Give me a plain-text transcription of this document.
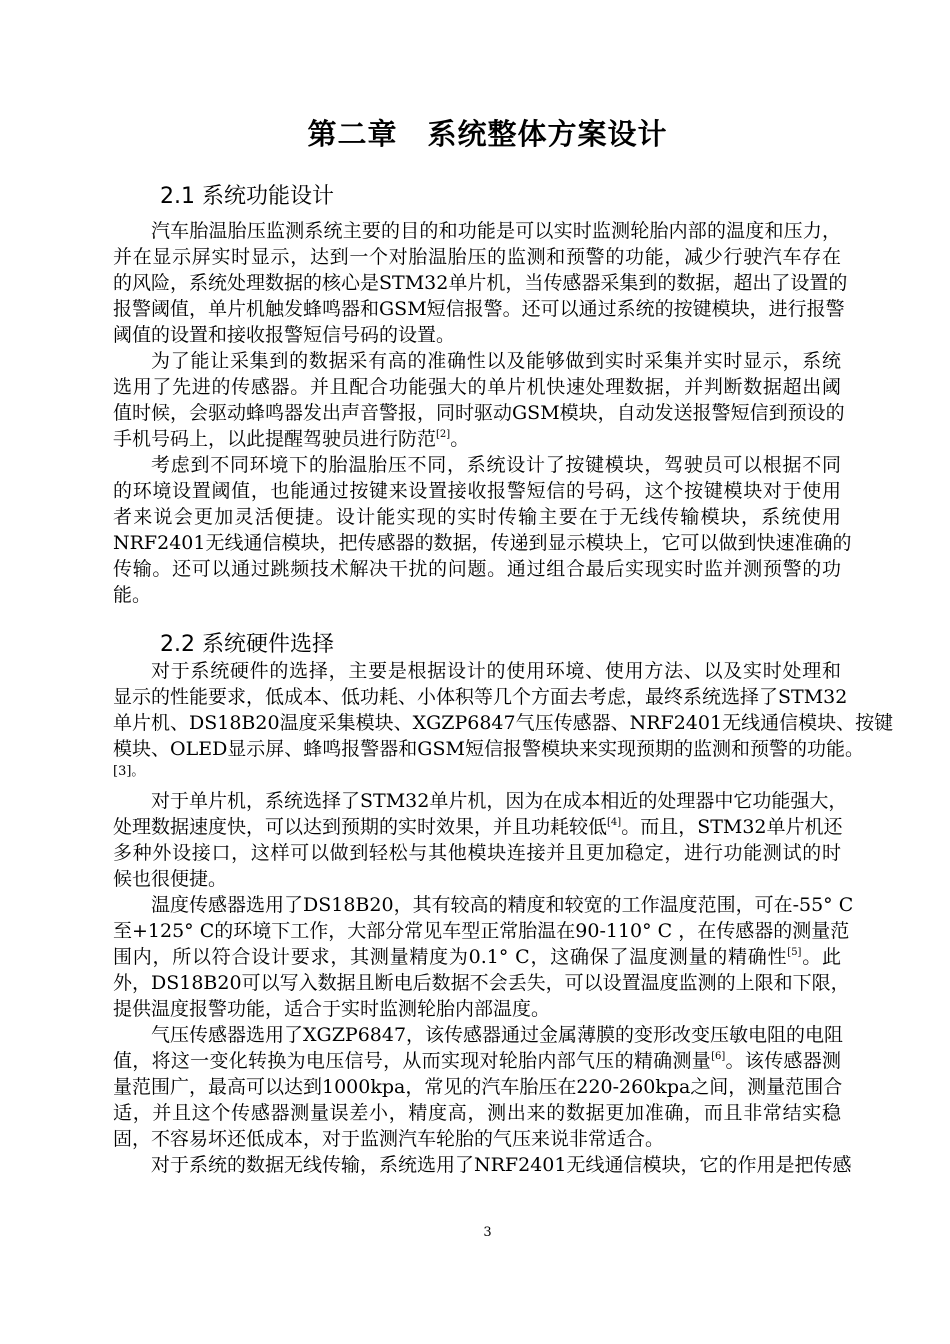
第二章　系统整体方案设计
2.1 系统功能设计
汽车胎温胎压监测系统主要的目的和功能是可以实时监测轮胎内部的温度和压力，
并在显示屏实时显示，达到一个对胎温胎压的监测和预警的功能，减少行驶汽车存在
的风险，系统处理数据的核心是STM32单片机，当传感器采集到的数据，超出了设置的
报警阈值，单片机触发蜂鸣器和GSM短信报警。还可以通过系统的按键模块，进行报警
阈值的设置和接收报警短信号码的设置。
为了能让采集到的数据采有高的准确性以及能够做到实时采集并实时显示，系统
选用了先进的传感器。并且配合功能强大的单片机快速处理数据，并判断数据超出阈
值时候，会驱动蜂鸣器发出声音警报，同时驱动GSM模块，自动发送报警短信到预设的
手机号码上，以此提醒驾驶员进行防范[2]。
考虑到不同环境下的胎温胎压不同，系统设计了按键模块，驾驶员可以根据不同
的环境设置阈值，也能通过按键来设置接收报警短信的号码，这个按键模块对于使用
者来说会更加灵活便捷。设计能实现的实时传输主要在于无线传输模块，系统使用
NRF2401无线通信模块，把传感器的数据，传递到显示模块上，它可以做到快速准确的
传输。还可以通过跳频技术解决干扰的问题。通过组合最后实现实时监并测预警的功
能。
2.2 系统硬件选择
对于系统硬件的选择，主要是根据设计的使用环境、使用方法、以及实时处理和
显示的性能要求，低成本、低功耗、小体积等几个方面去考虑，最终系统选择了STM32
单片机、DS18B20温度采集模块、XGZP6847气压传感器、NRF2401无线通信模块、按键
模块、OLED显示屏、蜂鸣报警器和GSM短信报警模块来实现预期的监测和预警的功能。
[3]。
对于单片机，系统选择了STM32单片机，因为在成本相近的处理器中它功能强大，
处理数据速度快，可以达到预期的实时效果，并且功耗较低[4]。而且，STM32单片机还
多种外设接口，这样可以做到轻松与其他模块连接并且更加稳定，进行功能测试的时
候也很便捷。
温度传感器选用了DS18B20，其有较高的精度和较宽的工作温度范围，可在-55° C
至+125° C的环境下工作，大部分常见车型正常胎温在90-110° C ，在传感器的测量范
围内，所以符合设计要求，其测量精度为0.1° C，这确保了温度测量的精确性[5]。此
外，DS18B20可以写入数据且断电后数据不会丢失，可以设置温度监测的上限和下限，
提供温度报警功能，适合于实时监测轮胎内部温度。
气压传感器选用了XGZP6847，该传感器通过金属薄膜的变形改变压敏电阻的电阻
值，将这一变化转换为电压信号，从而实现对轮胎内部气压的精确测量[6]。该传感器测
量范围广，最高可以达到1000kpa，常见的汽车胎压在220-260kpa之间，测量范围合
适，并且这个传感器测量误差小，精度高，测出来的数据更加准确，而且非常结实稳
固，不容易坏还低成本，对于监测汽车轮胎的气压来说非常适合。
对于系统的数据无线传输，系统选用了NRF2401无线通信模块，它的作用是把传感
3
